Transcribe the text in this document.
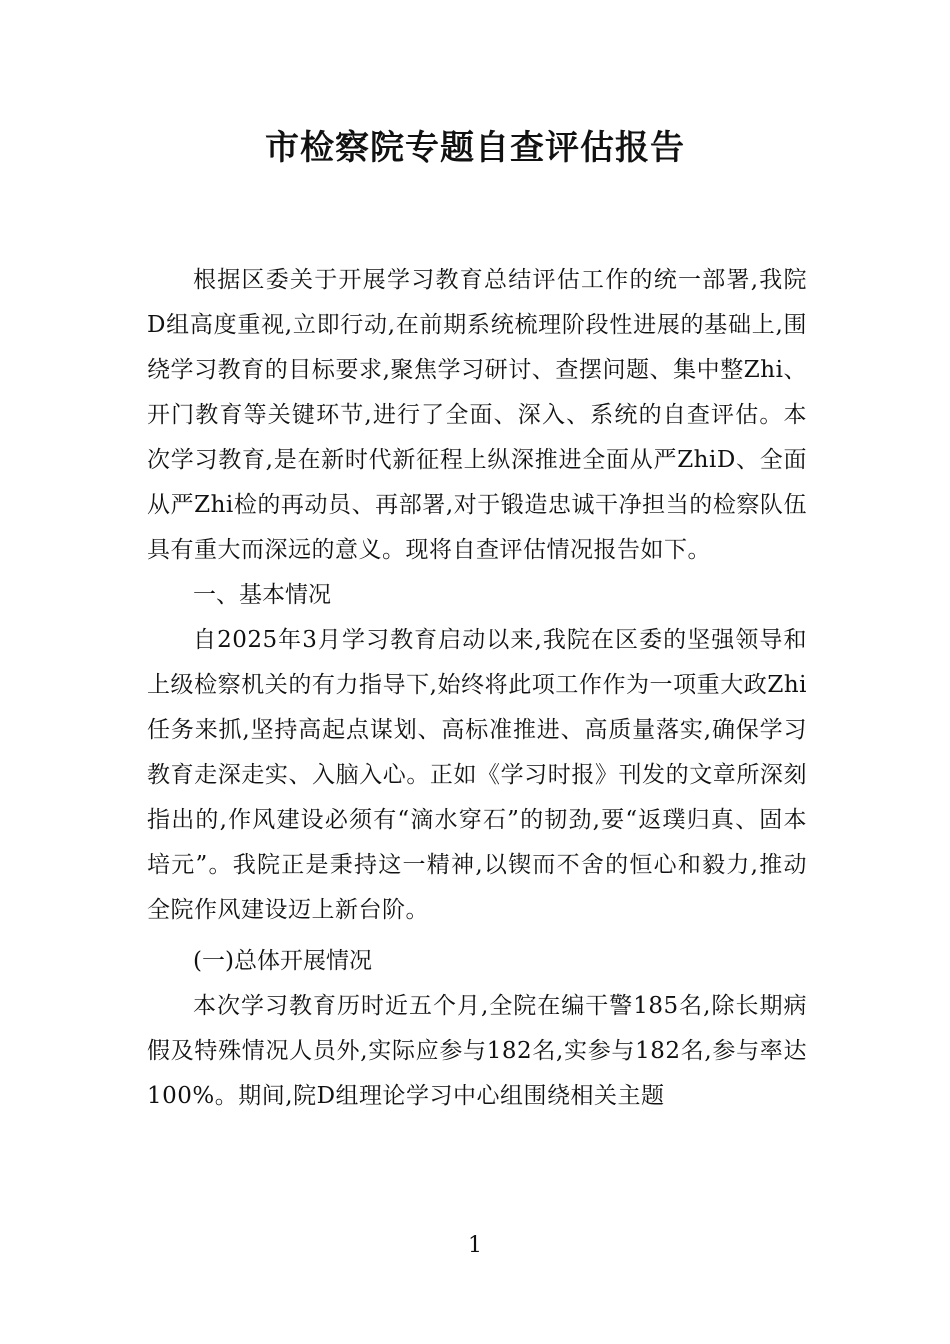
市检察院专题自查评估报告

根据区委关于开展学习教育总结评估工作的统一部署,我院D组高度重视,立即行动,在前期系统梳理阶段性进展的基础上,围绕学习教育的目标要求,聚焦学习研讨、查摆问题、集中整Zhi、开门教育等关键环节,进行了全面、深入、系统的自查评估。本次学习教育,是在新时代新征程上纵深推进全面从严ZhiD、全面从严Zhi检的再动员、再部署,对于锻造忠诚干净担当的检察队伍具有重大而深远的意义。现将自查评估情况报告如下。

一、基本情况

自2025年3月学习教育启动以来,我院在区委的坚强领导和上级检察机关的有力指导下,始终将此项工作作为一项重大政Zhi任务来抓,坚持高起点谋划、高标准推进、高质量落实,确保学习教育走深走实、入脑入心。正如《学习时报》刊发的文章所深刻指出的,作风建设必须有“滴水穿石”的韧劲,要“返璞归真、固本培元”。我院正是秉持这一精神,以锲而不舍的恒心和毅力,推动全院作风建设迈上新台阶。

(一)总体开展情况

本次学习教育历时近五个月,全院在编干警185名,除长期病假及特殊情况人员外,实际应参与182名,实参与182名,参与率达100%。期间,院D组理论学习中心组围绕相关主题

1
